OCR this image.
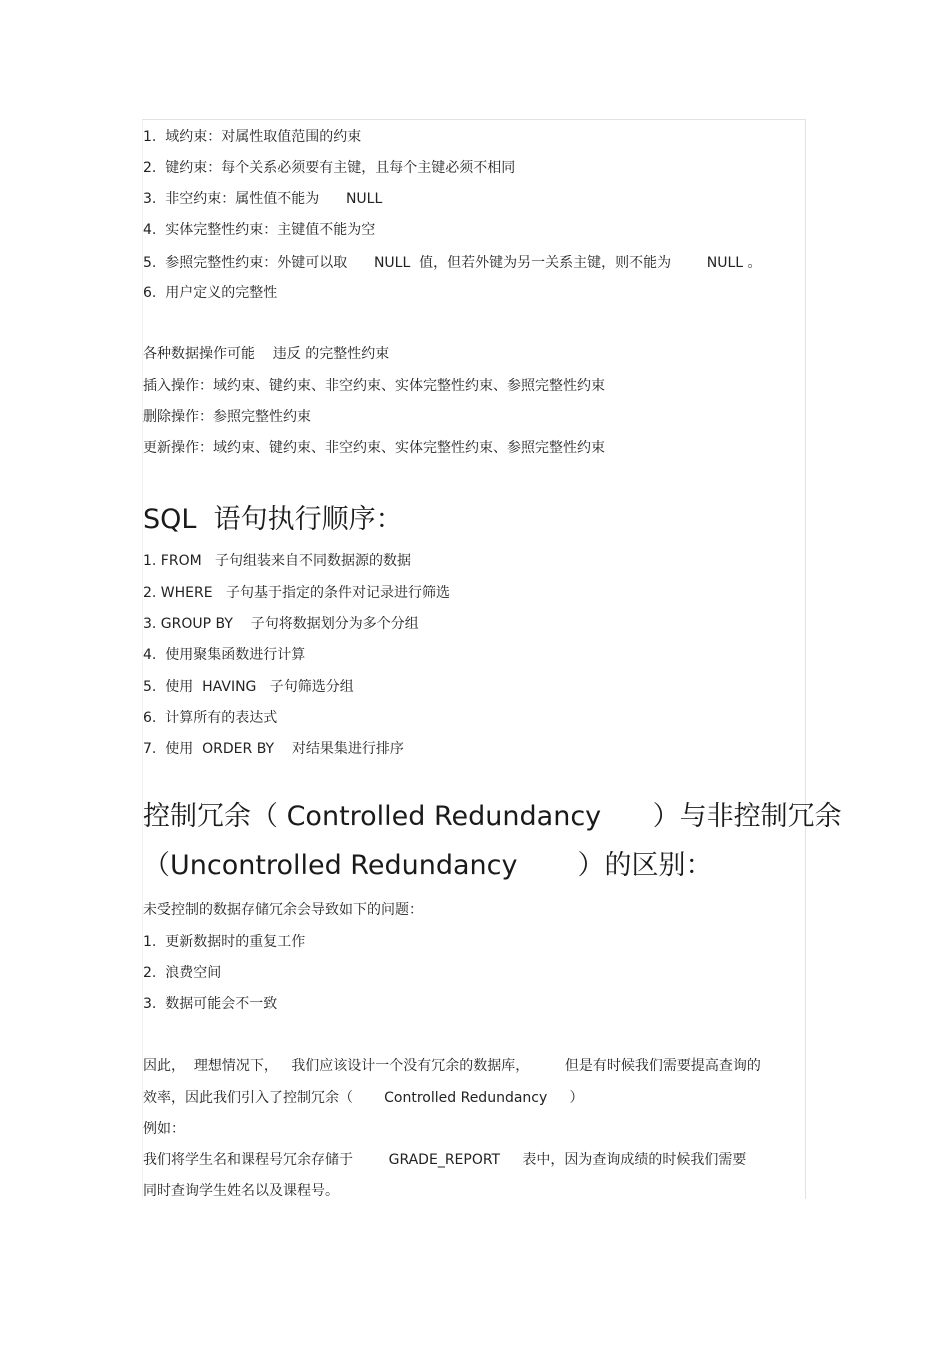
1.  域约束：对属性取值范围的约束
2.  键约束：每个关系必须要有主键，且每个主键必须不相同
3.  非空约束：属性值不能为      NULL
4.  实体完整性约束：主键值不能为空
5.  参照完整性约束：外键可以取      NULL  值，但若外键为另一关系主键，则不能为        NULL 。
6.  用户定义的完整性
各种数据操作可能    违反 的完整性约束
插入操作：域约束、键约束、非空约束、实体完整性约束、参照完整性约束
删除操作：参照完整性约束
更新操作：域约束、键约束、非空约束、实体完整性约束、参照完整性约束
SQL  语句执行顺序：
1. FROM   子句组装来自不同数据源的数据
2. WHERE   子句基于指定的条件对记录进行筛选
3. GROUP BY    子句将数据划分为多个分组
4.  使用聚集函数进行计算
5.  使用  HAVING   子句筛选分组
6.  计算所有的表达式
7.  使用  ORDER BY    对结果集进行排序
控制冗余（ Controlled Redundancy      ）与非控制冗余
（Uncontrolled Redundancy       ）的区别：
未受控制的数据存储冗余会导致如下的问题：
1.  更新数据时的重复工作
2.  浪费空间
3.  数据可能会不一致
因此，  理想情况下，   我们应该设计一个没有冗余的数据库，        但是有时候我们需要提高查询的
效率，因此我们引入了控制冗余（       Controlled Redundancy     ）
例如：
我们将学生名和课程号冗余存储于        GRADE_REPORT     表中，因为查询成绩的时候我们需要
同时查询学生姓名以及课程号。
